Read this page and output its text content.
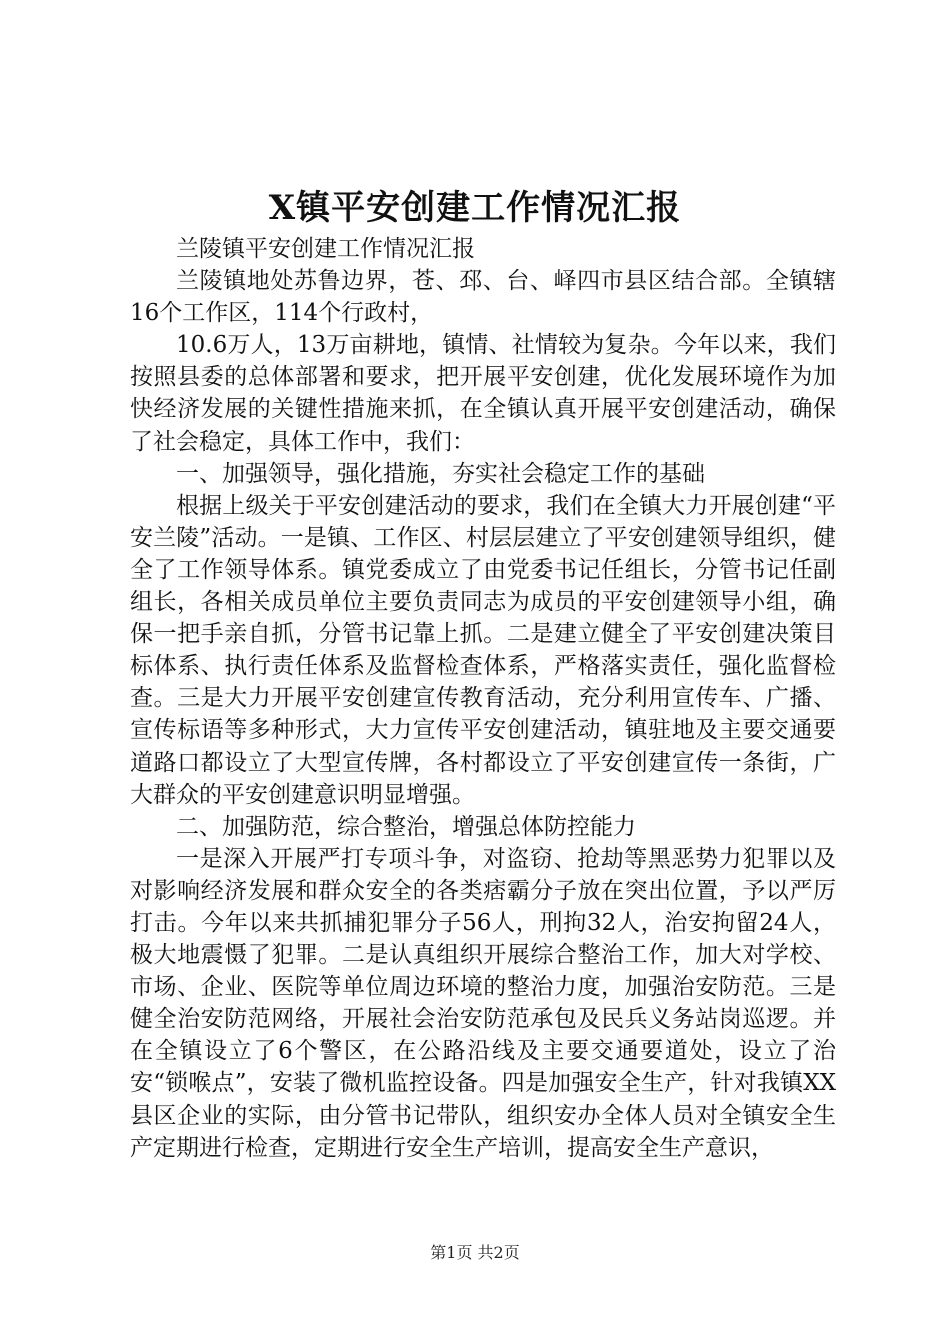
X镇平安创建工作情况汇报

兰陵镇平安创建工作情况汇报

兰陵镇地处苏鲁边界，苍、邳、台、峄四市县区结合部。全镇辖16个工作区，114个行政村，

10.6万人，13万亩耕地，镇情、社情较为复杂。今年以来，我们按照县委的总体部署和要求，把开展平安创建，优化发展环境作为加快经济发展的关键性措施来抓，在全镇认真开展平安创建活动，确保了社会稳定，具体工作中，我们：

一、加强领导，强化措施，夯实社会稳定工作的基础

根据上级关于平安创建活动的要求，我们在全镇大力开展创建“平安兰陵”活动。一是镇、工作区、村层层建立了平安创建领导组织，健全了工作领导体系。镇党委成立了由党委书记任组长，分管书记任副组长，各相关成员单位主要负责同志为成员的平安创建领导小组，确保一把手亲自抓，分管书记靠上抓。二是建立健全了平安创建决策目标体系、执行责任体系及监督检查体系，严格落实责任，强化监督检查。三是大力开展平安创建宣传教育活动，充分利用宣传车、广播、宣传标语等多种形式，大力宣传平安创建活动，镇驻地及主要交通要道路口都设立了大型宣传牌，各村都设立了平安创建宣传一条街，广大群众的平安创建意识明显增强。

二、加强防范，综合整治，增强总体防控能力

一是深入开展严打专项斗争，对盗窃、抢劫等黑恶势力犯罪以及对影响经济发展和群众安全的各类痞霸分子放在突出位置，予以严厉打击。今年以来共抓捕犯罪分子56人，刑拘32人，治安拘留24人，极大地震慑了犯罪。二是认真组织开展综合整治工作，加大对学校、市场、企业、医院等单位周边环境的整治力度，加强治安防范。三是健全治安防范网络，开展社会治安防范承包及民兵义务站岗巡逻。并在全镇设立了6个警区，在公路沿线及主要交通要道处，设立了治安“锁喉点”，安装了微机监控设备。四是加强安全生产，针对我镇XX县区企业的实际，由分管书记带队，组织安办全体人员对全镇安全生产定期进行检查，定期进行安全生产培训，提高安全生产意识，

第1页 共2页
